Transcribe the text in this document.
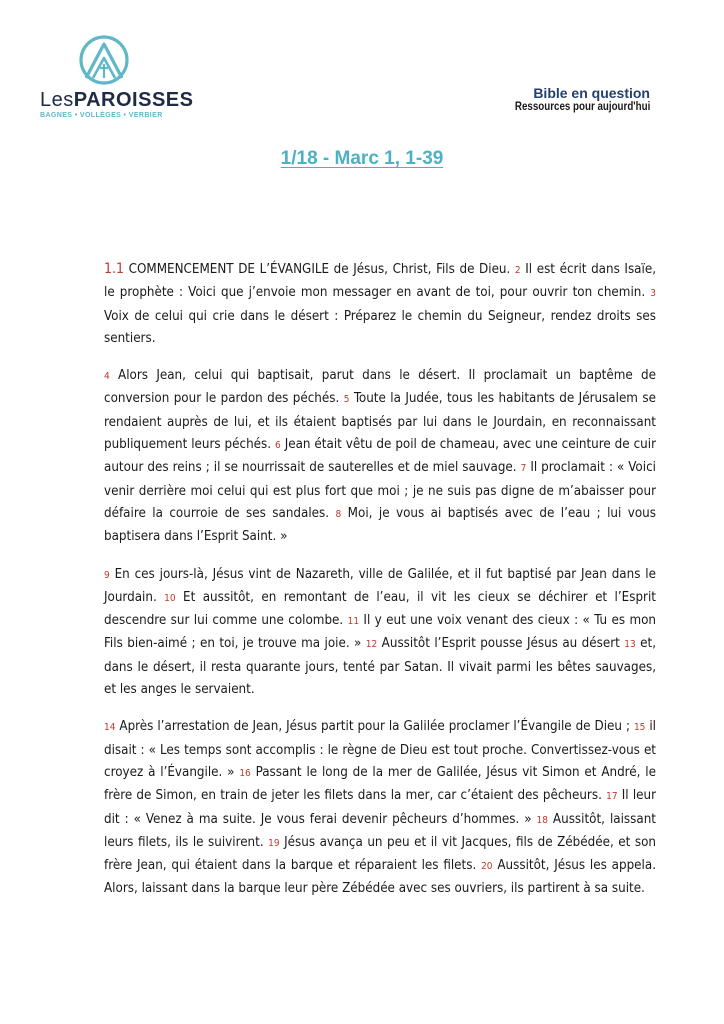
LesPAROISSES
BAGNES • VOLLÈGES • VERBIER
Bible en question
Ressources pour aujourd'hui
1/18 - Marc 1, 1-39

1.1 COMMENCEMENT DE L’ÉVANGILE de Jésus, Christ, Fils de Dieu. 2 Il est écrit dans Isaïe, le prophète : Voici que j’envoie mon messager en avant de toi, pour ouvrir ton chemin. 3 Voix de celui qui crie dans le désert : Préparez le chemin du Seigneur, rendez droits ses sentiers.

4 Alors Jean, celui qui baptisait, parut dans le désert. Il proclamait un baptême de conversion pour le pardon des péchés. 5 Toute la Judée, tous les habitants de Jérusalem se rendaient auprès de lui, et ils étaient baptisés par lui dans le Jourdain, en reconnaissant publiquement leurs péchés. 6 Jean était vêtu de poil de chameau, avec une ceinture de cuir autour des reins ; il se nourrissait de sauterelles et de miel sauvage. 7 Il proclamait : « Voici venir derrière moi celui qui est plus fort que moi ; je ne suis pas digne de m’abaisser pour défaire la courroie de ses sandales. 8 Moi, je vous ai baptisés avec de l’eau ; lui vous baptisera dans l’Esprit Saint. »

9 En ces jours-là, Jésus vint de Nazareth, ville de Galilée, et il fut baptisé par Jean dans le Jourdain. 10 Et aussitôt, en remontant de l’eau, il vit les cieux se déchirer et l’Esprit descendre sur lui comme une colombe. 11 Il y eut une voix venant des cieux : « Tu es mon Fils bien-aimé ; en toi, je trouve ma joie. » 12 Aussitôt l’Esprit pousse Jésus au désert 13 et, dans le désert, il resta quarante jours, tenté par Satan. Il vivait parmi les bêtes sauvages, et les anges le servaient.

14 Après l’arrestation de Jean, Jésus partit pour la Galilée proclamer l’Évangile de Dieu ; 15 il disait : « Les temps sont accomplis : le règne de Dieu est tout proche. Convertissez-vous et croyez à l’Évangile. » 16 Passant le long de la mer de Galilée, Jésus vit Simon et André, le frère de Simon, en train de jeter les filets dans la mer, car c’étaient des pêcheurs. 17 Il leur dit : « Venez à ma suite. Je vous ferai devenir pêcheurs d’hommes. » 18 Aussitôt, laissant leurs filets, ils le suivirent. 19 Jésus avança un peu et il vit Jacques, fils de Zébédée, et son frère Jean, qui étaient dans la barque et réparaient les filets. 20 Aussitôt, Jésus les appela. Alors, laissant dans la barque leur père Zébédée avec ses ouvriers, ils partirent à sa suite.
